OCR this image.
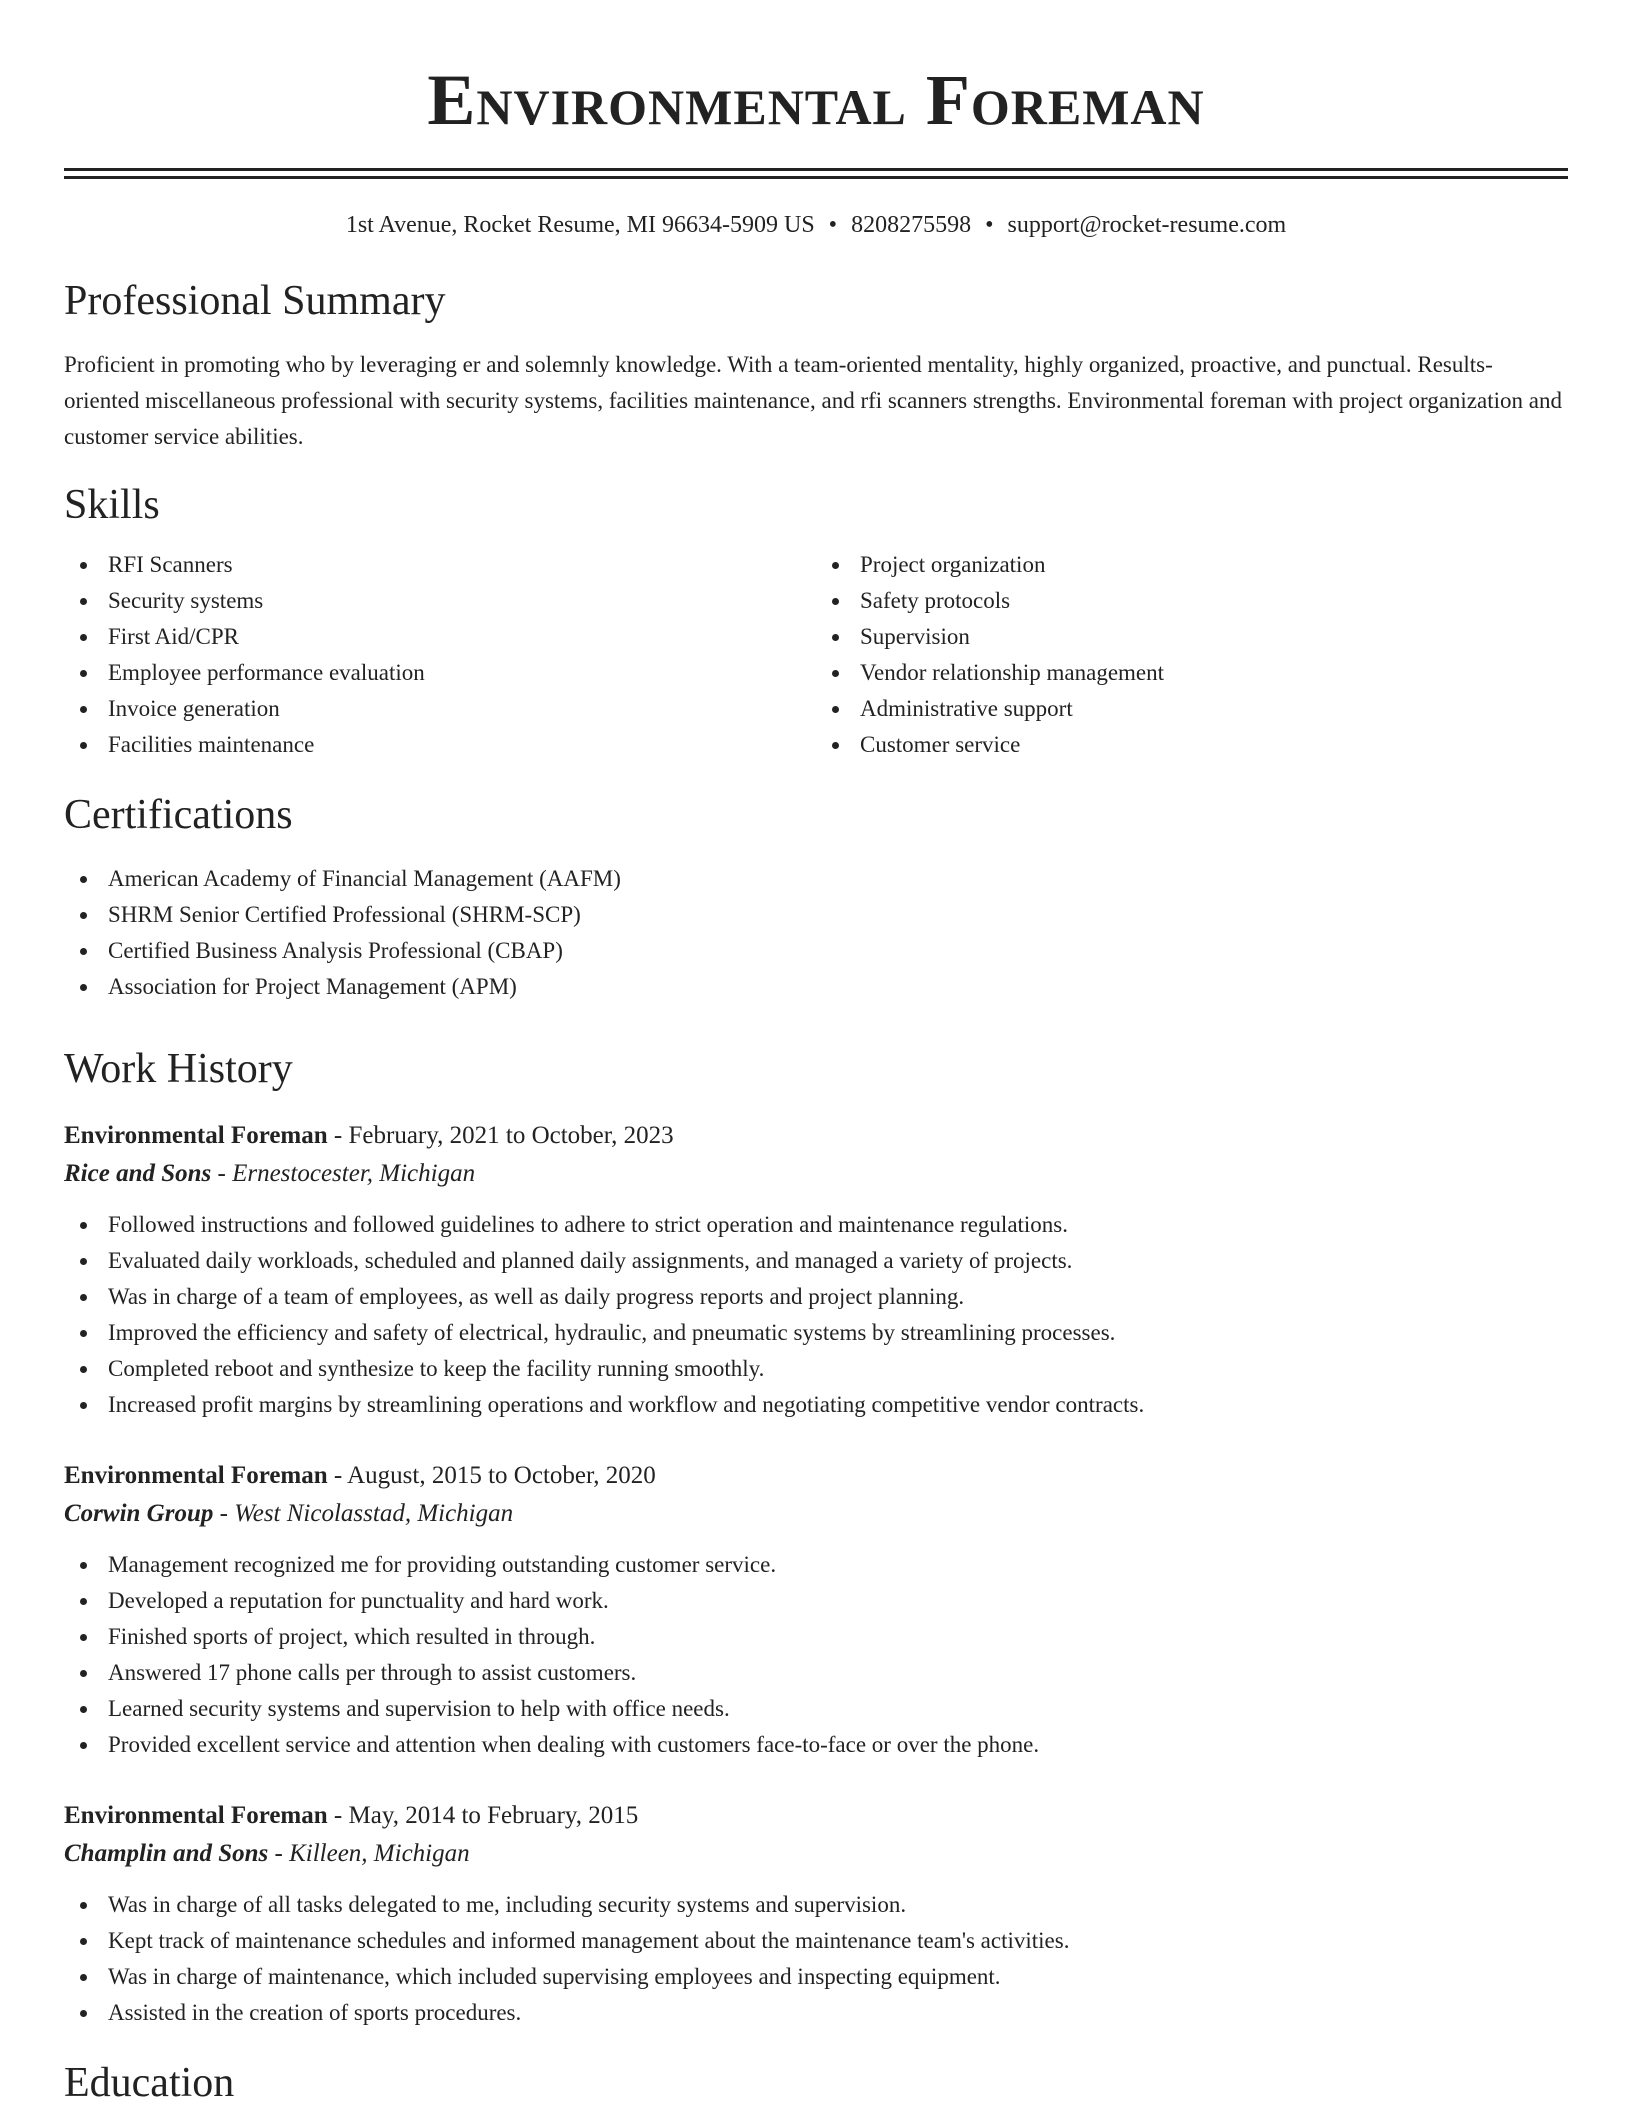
Environmental Foreman
1st Avenue, Rocket Resume, MI 96634-5909 US • 8208275598 • support@rocket-resume.com
Professional Summary

Proficient in promoting who by leveraging er and solemnly knowledge. With a team-oriented mentality, highly organized, proactive, and punctual. Results-oriented miscellaneous professional with security systems, facilities maintenance, and rfi scanners strengths. Environmental foreman with project organization and customer service abilities.

Skills
RFI Scanners
Security systems
First Aid/CPR
Employee performance evaluation
Invoice generation
Facilities maintenance
Project organization
Safety protocols
Supervision
Vendor relationship management
Administrative support
Customer service
Certifications
American Academy of Financial Management (AAFM)
SHRM Senior Certified Professional (SHRM-SCP)
Certified Business Analysis Professional (CBAP)
Association for Project Management (APM)
Work History
Environmental Foreman - February, 2021 to October, 2023
Rice and Sons - Ernestocester, Michigan
Followed instructions and followed guidelines to adhere to strict operation and maintenance regulations.
Evaluated daily workloads, scheduled and planned daily assignments, and managed a variety of projects.
Was in charge of a team of employees, as well as daily progress reports and project planning.
Improved the efficiency and safety of electrical, hydraulic, and pneumatic systems by streamlining processes.
Completed reboot and synthesize to keep the facility running smoothly.
Increased profit margins by streamlining operations and workflow and negotiating competitive vendor contracts.
Environmental Foreman - August, 2015 to October, 2020
Corwin Group - West Nicolasstad, Michigan
Management recognized me for providing outstanding customer service.
Developed a reputation for punctuality and hard work.
Finished sports of project, which resulted in through.
Answered 17 phone calls per through to assist customers.
Learned security systems and supervision to help with office needs.
Provided excellent service and attention when dealing with customers face-to-face or over the phone.
Environmental Foreman - May, 2014 to February, 2015
Champlin and Sons - Killeen, Michigan
Was in charge of all tasks delegated to me, including security systems and supervision.
Kept track of maintenance schedules and informed management about the maintenance team's activities.
Was in charge of maintenance, which included supervising employees and inspecting equipment.
Assisted in the creation of sports procedures.
Education
